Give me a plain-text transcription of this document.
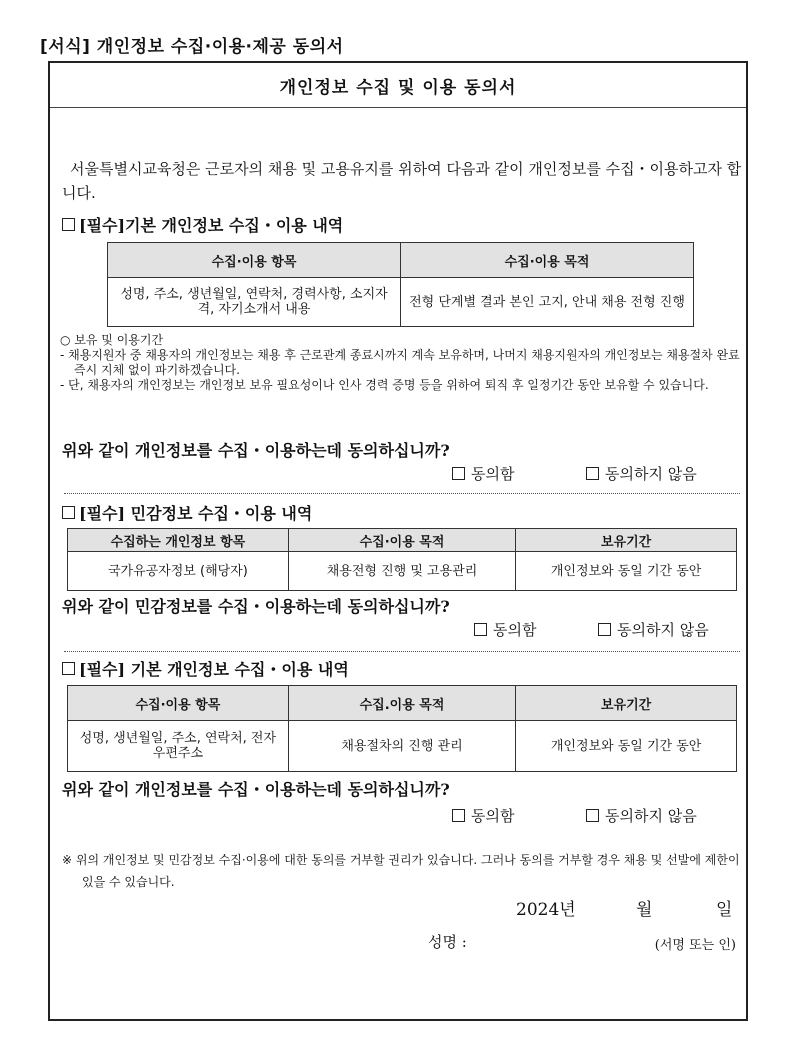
[서식] 개인정보 수집·이용·제공 동의서
개인정보 수집 및 이용 동의서
서울특별시교육청은 근로자의 채용 및 고용유지를 위하여 다음과 같이 개인정보를 수집・이용하고자 합니다.
[필수]기본 개인정보 수집・이용 내역
수집·이용 항목	수집·이용 목적
성명, 주소, 생년월일, 연락처, 경력사항, 소지자격, 자기소개서 내용	전형 단계별 결과 본인 고지, 안내 채용 전형 진행
○ 보유 및 이용기간
- 채용지원자 중 채용자의 개인정보는 채용 후 근로관계 종료시까지 계속 보유하며, 나머지 채용지원자의 개인정보는 채용절차 완료 즉시 지체 없이 파기하겠습니다.
- 단, 채용자의 개인정보는 개인정보 보유 필요성이나 인사 경력 증명 등을 위하여 퇴직 후 일정기간 동안 보유할 수 있습니다.
위와 같이 개인정보를 수집・이용하는데 동의하십니까?
동의함	동의하지 않음
[필수] 민감정보 수집・이용 내역
수집하는 개인정보 항목	수집·이용 목적	보유기간
국가유공자정보 (해당자)	채용전형 진행 및 고용관리	개인정보와 동일 기간 동안
위와 같이 민감정보를 수집・이용하는데 동의하십니까?
동의함	동의하지 않음
[필수] 기본 개인정보 수집・이용 내역
수집·이용 항목	수집.이용 목적	보유기간
성명, 생년월일, 주소, 연락처, 전자우편주소	채용절차의 진행 관리	개인정보와 동일 기간 동안
위와 같이 개인정보를 수집・이용하는데 동의하십니까?
동의함	동의하지 않음
※ 위의 개인정보 및 민감정보 수집·이용에 대한 동의를 거부할 권리가 있습니다. 그러나 동의를 거부할 경우 채용 및 선발에 제한이 있을 수 있습니다.
2024년	월	일
성명 :	(서명 또는 인)
